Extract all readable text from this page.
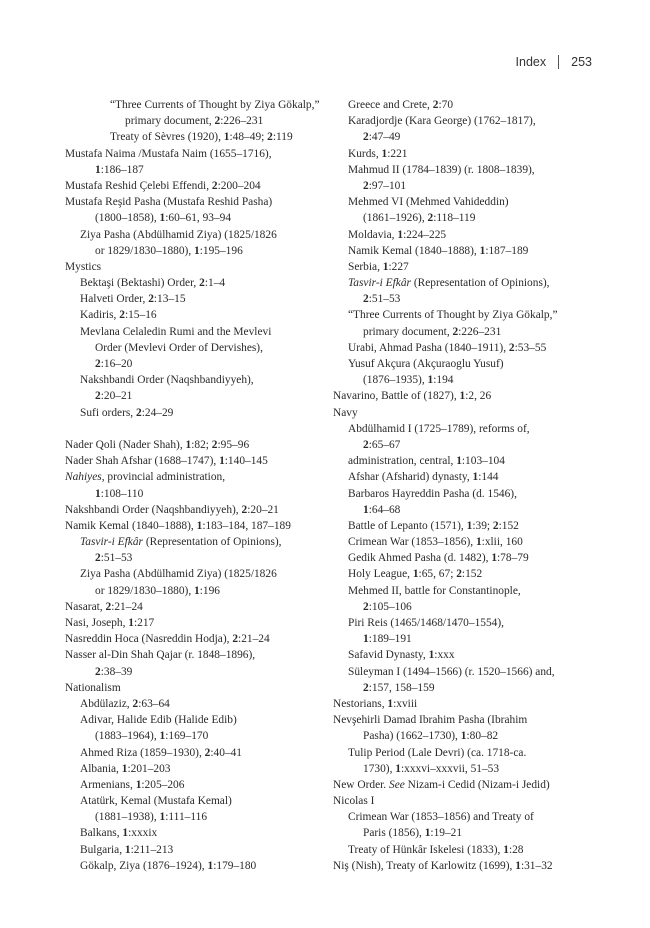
Index 253
“Three Currents of Thought by Ziya Gökalp,”
primary document, 2:226–231
Treaty of Sèvres (1920), 1:48–49; 2:119
Mustafa Naima /Mustafa Naim (1655–1716),
1:186–187
Mustafa Reshid Çelebi Effendi, 2:200–204
Mustafa Reşid Pasha (Mustafa Reshid Pasha)
(1800–1858), 1:60–61, 93–94
Ziya Pasha (Abdülhamid Ziya) (1825/1826
or 1829/1830–1880), 1:195–196
Mystics
Bektaşi (Bektashi) Order, 2:1–4
Halveti Order, 2:13–15
Kadiris, 2:15–16
Mevlana Celaledin Rumi and the Mevlevi
Order (Mevlevi Order of Dervishes),
2:16–20
Nakshbandi Order (Naqshbandiyyeh),
2:20–21
Sufi orders, 2:24–29
Nader Qoli (Nader Shah), 1:82; 2:95–96
Nader Shah Afshar (1688–1747), 1:140–145
Nahiyes, provincial administration,
1:108–110
Nakshbandi Order (Naqshbandiyyeh), 2:20–21
Namik Kemal (1840–1888), 1:183–184, 187–189
Tasvir-i Efkâr (Representation of Opinions),
2:51–53
Ziya Pasha (Abdülhamid Ziya) (1825/1826
or 1829/1830–1880), 1:196
Nasarat, 2:21–24
Nasi, Joseph, 1:217
Nasreddin Hoca (Nasreddin Hodja), 2:21–24
Nasser al-Din Shah Qajar (r. 1848–1896),
2:38–39
Nationalism
Abdülaziz, 2:63–64
Adivar, Halide Edib (Halide Edib)
(1883–1964), 1:169–170
Ahmed Riza (1859–1930), 2:40–41
Albania, 1:201–203
Armenians, 1:205–206
Atatürk, Kemal (Mustafa Kemal)
(1881–1938), 1:111–116
Balkans, 1:xxxix
Bulgaria, 1:211–213
Gökalp, Ziya (1876–1924), 1:179–180
Greece and Crete, 2:70
Karadjordje (Kara George) (1762–1817),
2:47–49
Kurds, 1:221
Mahmud II (1784–1839) (r. 1808–1839),
2:97–101
Mehmed VI (Mehmed Vahideddin)
(1861–1926), 2:118–119
Moldavia, 1:224–225
Namik Kemal (1840–1888), 1:187–189
Serbia, 1:227
Tasvir-i Efkâr (Representation of Opinions),
2:51–53
“Three Currents of Thought by Ziya Gökalp,”
primary document, 2:226–231
Urabi, Ahmad Pasha (1840–1911), 2:53–55
Yusuf Akçura (Akçuraoglu Yusuf)
(1876–1935), 1:194
Navarino, Battle of (1827), 1:2, 26
Navy
Abdülhamid I (1725–1789), reforms of,
2:65–67
administration, central, 1:103–104
Afshar (Afsharid) dynasty, 1:144
Barbaros Hayreddin Pasha (d. 1546),
1:64–68
Battle of Lepanto (1571), 1:39; 2:152
Crimean War (1853–1856), 1:xlii, 160
Gedik Ahmed Pasha (d. 1482), 1:78–79
Holy League, 1:65, 67; 2:152
Mehmed II, battle for Constantinople,
2:105–106
Piri Reis (1465/1468/1470–1554),
1:189–191
Safavid Dynasty, 1:xxx
Süleyman I (1494–1566) (r. 1520–1566) and,
2:157, 158–159
Nestorians, 1:xviii
Nevşehirli Damad Ibrahim Pasha (Ibrahim
Pasha) (1662–1730), 1:80–82
Tulip Period (Lale Devri) (ca. 1718-ca.
1730), 1:xxxvi–xxxvii, 51–53
New Order. See Nizam-i Cedid (Nizam-i Jedid)
Nicolas I
Crimean War (1853–1856) and Treaty of
Paris (1856), 1:19–21
Treaty of Hünkâr Iskelesi (1833), 1:28
Niş (Nish), Treaty of Karlowitz (1699), 1:31–32
